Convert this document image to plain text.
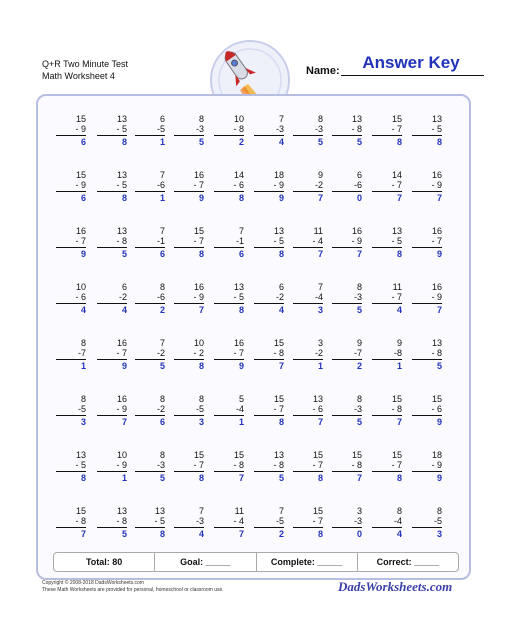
Q+R Two Minute Test
Math Worksheet 4
Answer Key
Name:
15
- 9
6
13
- 5
8
6
-5
1
8
-3
5
10
- 8
2
7
-3
4
8
-3
5
13
- 8
5
15
- 7
8
13
- 5
8
15
- 9
6
13
- 5
8
7
-6
1
16
- 7
9
14
- 6
8
18
- 9
9
9
-2
7
6
-6
0
14
- 7
7
16
- 9
7
16
- 7
9
13
- 8
5
7
-1
6
15
- 7
8
7
-1
6
13
- 5
8
11
- 4
7
16
- 9
7
13
- 5
8
16
- 7
9
10
- 6
4
6
-2
4
8
-6
2
16
- 9
7
13
- 5
8
6
-2
4
7
-4
3
8
-3
5
11
- 7
4
16
- 9
7
8
-7
1
16
- 7
9
7
-2
5
10
- 2
8
16
- 7
9
15
- 8
7
3
-2
1
9
-7
2
9
-8
1
13
- 8
5
8
-5
3
16
- 9
7
8
-2
6
8
-5
3
5
-4
1
15
- 7
8
13
- 6
7
8
-3
5
15
- 8
7
15
- 6
9
13
- 5
8
10
- 9
1
8
-3
5
15
- 7
8
15
- 8
7
13
- 8
5
15
- 7
8
15
- 8
7
15
- 7
8
18
- 9
9
15
- 8
7
13
- 8
5
13
- 5
8
7
-3
4
11
- 4
7
7
-5
2
15
- 7
8
3
-3
0
8
-4
4
8
-5
3
Total: 80	Goal: _____	Complete: _____	Correct: _____
Copyright © 2008-2018 DadsWorksheets.com
These Math Worksheets are provided for personal, homeschool or classroom use.	DadsWorksheets.com
